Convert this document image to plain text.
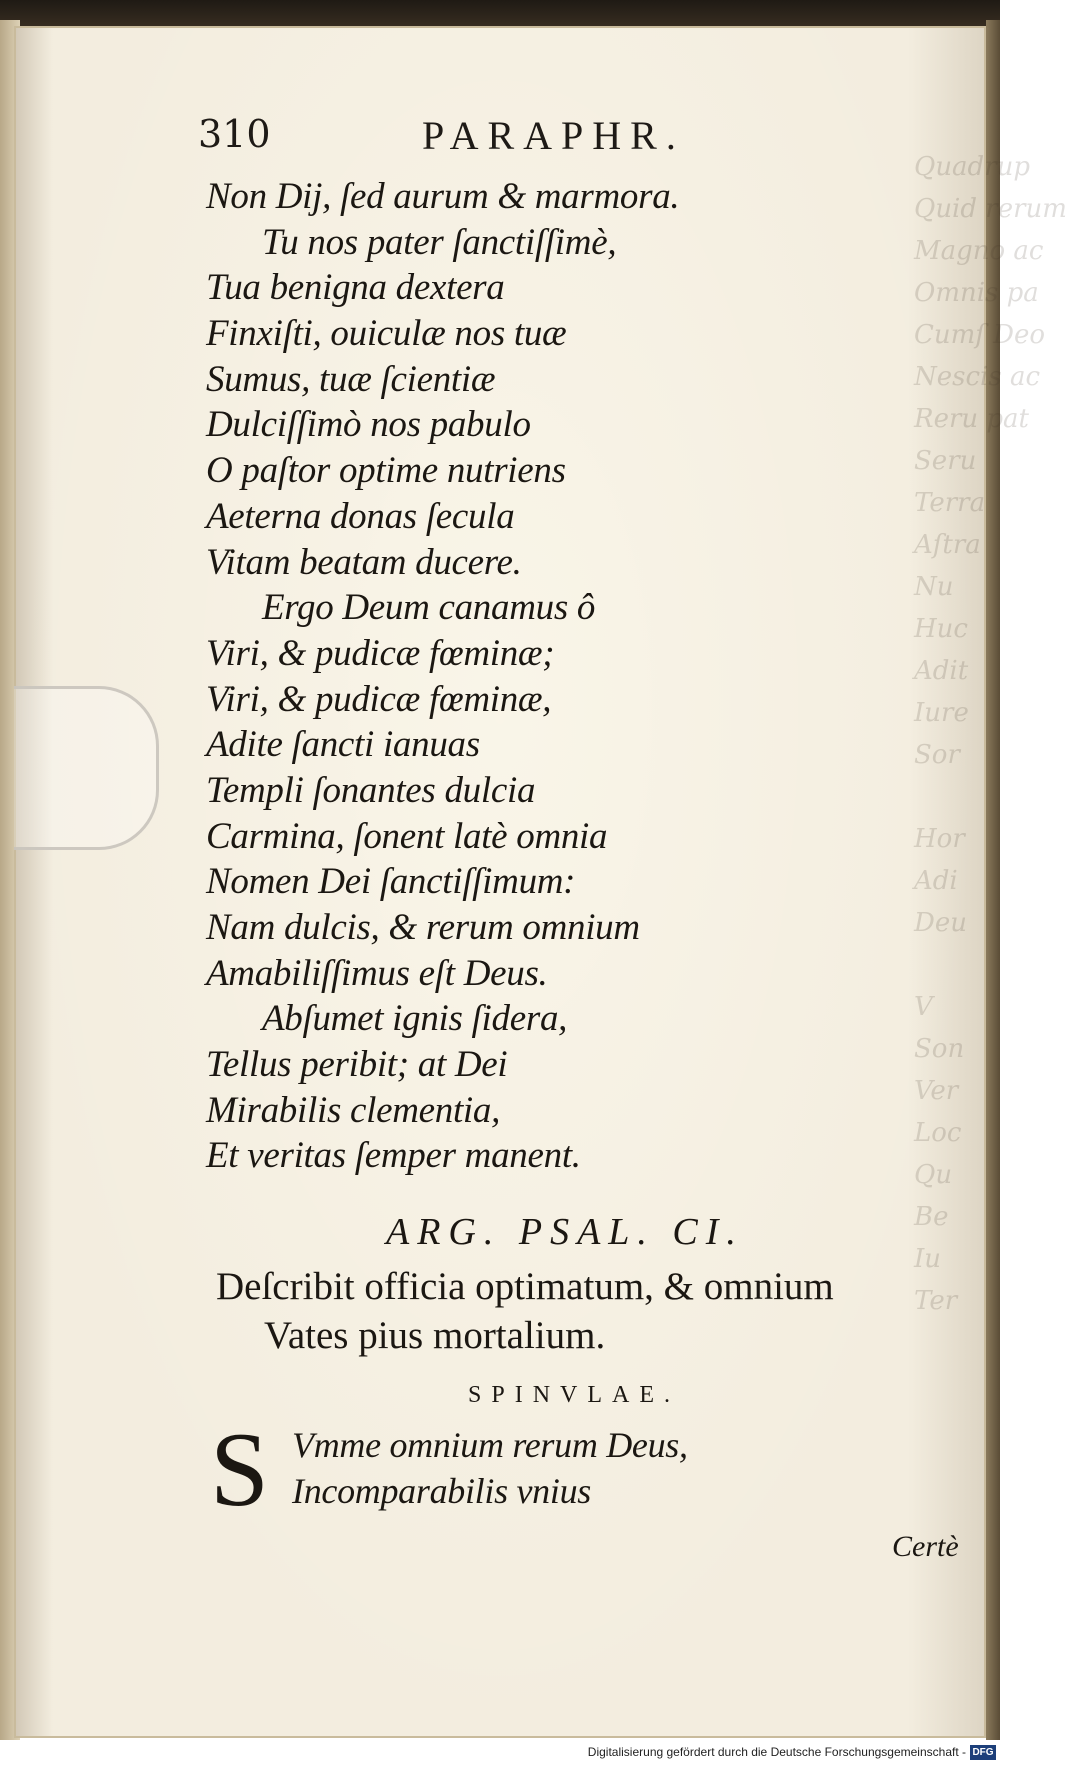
Quadrup
Quid rerum
Magno ac
Omnis pa
Cumſ Deo
Nescis ac
Reru pat
Seru
Terra
Aſtra
Nu
Huc
Adit
Iure
Sor

Hor
Adi
Deu

V
Son
Ver
Loc
Qu
Be
Iu
Ter
310	PARAPHR.
Non Dij, ſed aurum & marmora.
Tu nos pater ſanctiſſimè,
Tua benigna dextera
Finxiſti, ouiculæ nos tuæ
Sumus, tuæ ſcientiæ
Dulciſſimò nos pabulo
O paſtor optime nutriens
Aeterna donas ſecula
Vitam beatam ducere.
Ergo Deum canamus ô
Viri, & pudicæ fœminæ;
Viri, & pudicæ fœminæ,
Adite ſancti ianuas
Templi ſonantes dulcia
Carmina, ſonent latè omnia
Nomen Dei ſanctiſſimum:
Nam dulcis, & rerum omnium
Amabiliſſimus eſt Deus.
Abſumet ignis ſidera,
Tellus peribit; at Dei
Mirabilis clementia,
Et veritas ſemper manent.
ARG. PSAL. CI.
Deſcribit officia optimatum, & omnium
Vates pius mortalium.
SPINVLAE.
S Vmme omnium rerum Deus,
Incomparabilis vnius
Certè
Digitalisierung gefördert durch die Deutsche Forschungsgemeinschaft - DFG
